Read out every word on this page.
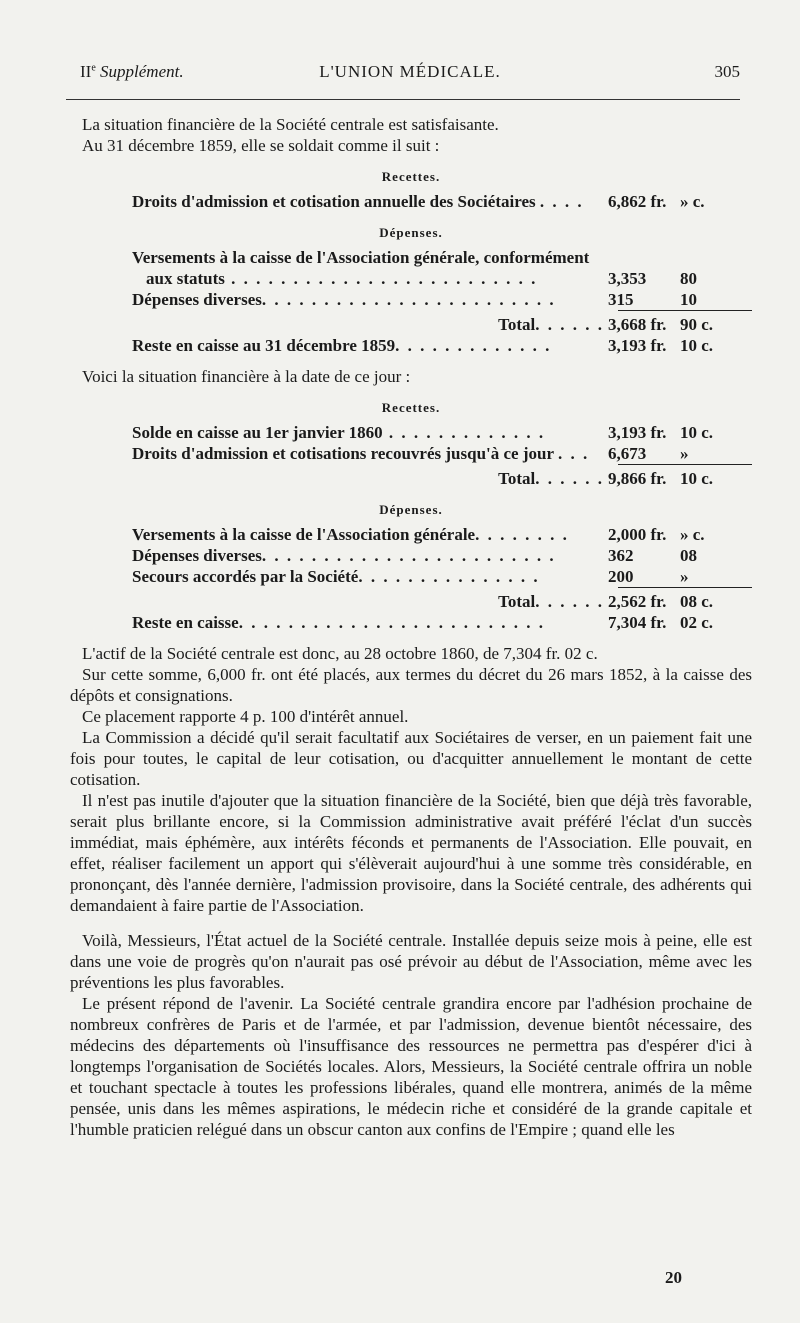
IIe Supplément.	L'UNION MÉDICALE.	305

La situation financière de la Société centrale est satisfaisante.

Au 31 décembre 1859, elle se soldait comme il suit :

Recettes.
Droits d'admission et cotisation annuelle des Sociétaires . . . .	6,862 fr. » c.
Dépenses.
Versements à la caisse de l'Association générale, conformément
aux statuts . . . . . . . . . . . . . . . . . . . . . . . . .	3,353	80
Dépenses diverses. . . . . . . . . . . . . . . . . . . . . . . .	315	10
Total. . . . . . 3,668 fr. 90 c.
Reste en caisse au 31 décembre 1859. . . . . . . . . . . . .	3,193 fr. 10 c.

Voici la situation financière à la date de ce jour :

Recettes.
Solde en caisse au 1er janvier 1860 . . . . . . . . . . . . .	3,193 fr. 10 c.
Droits d'admission et cotisations recouvrés jusqu'à ce jour . . .	6,673	»
Total. . . . . . 9,866 fr. 10 c.
Dépenses.
Versements à la caisse de l'Association générale. . . . . . . .	2,000 fr. » c.
Dépenses diverses. . . . . . . . . . . . . . . . . . . . . . . .	362	08
Secours accordés par la Société. . . . . . . . . . . . . . .	200	»
Total. . . . . . 2,562 fr. 08 c.
Reste en caisse. . . . . . . . . . . . . . . . . . . . . . . . .	7,304 fr. 02 c.

L'actif de la Société centrale est donc, au 28 octobre 1860, de 7,304 fr. 02 c.

Sur cette somme, 6,000 fr. ont été placés, aux termes du décret du 26 mars 1852, à la caisse des dépôts et consignations.

Ce placement rapporte 4 p. 100 d'intérêt annuel.

La Commission a décidé qu'il serait facultatif aux Sociétaires de verser, en un paiement fait une fois pour toutes, le capital de leur cotisation, ou d'acquitter annuellement le montant de cette cotisation.

Il n'est pas inutile d'ajouter que la situation financière de la Société, bien que déjà très favorable, serait plus brillante encore, si la Commission administrative avait préféré l'éclat d'un succès immédiat, mais éphémère, aux intérêts féconds et permanents de l'Association. Elle pouvait, en effet, réaliser facilement un apport qui s'élèverait aujourd'hui à une somme très considérable, en prononçant, dès l'année dernière, l'admission provisoire, dans la Société centrale, des adhérents qui demandaient à faire partie de l'Association.

Voilà, Messieurs, l'État actuel de la Société centrale. Installée depuis seize mois à peine, elle est dans une voie de progrès qu'on n'aurait pas osé prévoir au début de l'Association, même avec les préventions les plus favorables.

Le présent répond de l'avenir. La Société centrale grandira encore par l'adhésion prochaine de nombreux confrères de Paris et de l'armée, et par l'admission, devenue bientôt nécessaire, des médecins des départements où l'insuffisance des ressources ne permettra pas d'espérer d'ici à longtemps l'organisation de Sociétés locales. Alors, Messieurs, la Société centrale offrira un noble et touchant spectacle à toutes les professions libérales, quand elle montrera, animés de la même pensée, unis dans les mêmes aspirations, le médecin riche et considéré de la grande capitale et l'humble praticien relégué dans un obscur canton aux confins de l'Empire ; quand elle les

20
